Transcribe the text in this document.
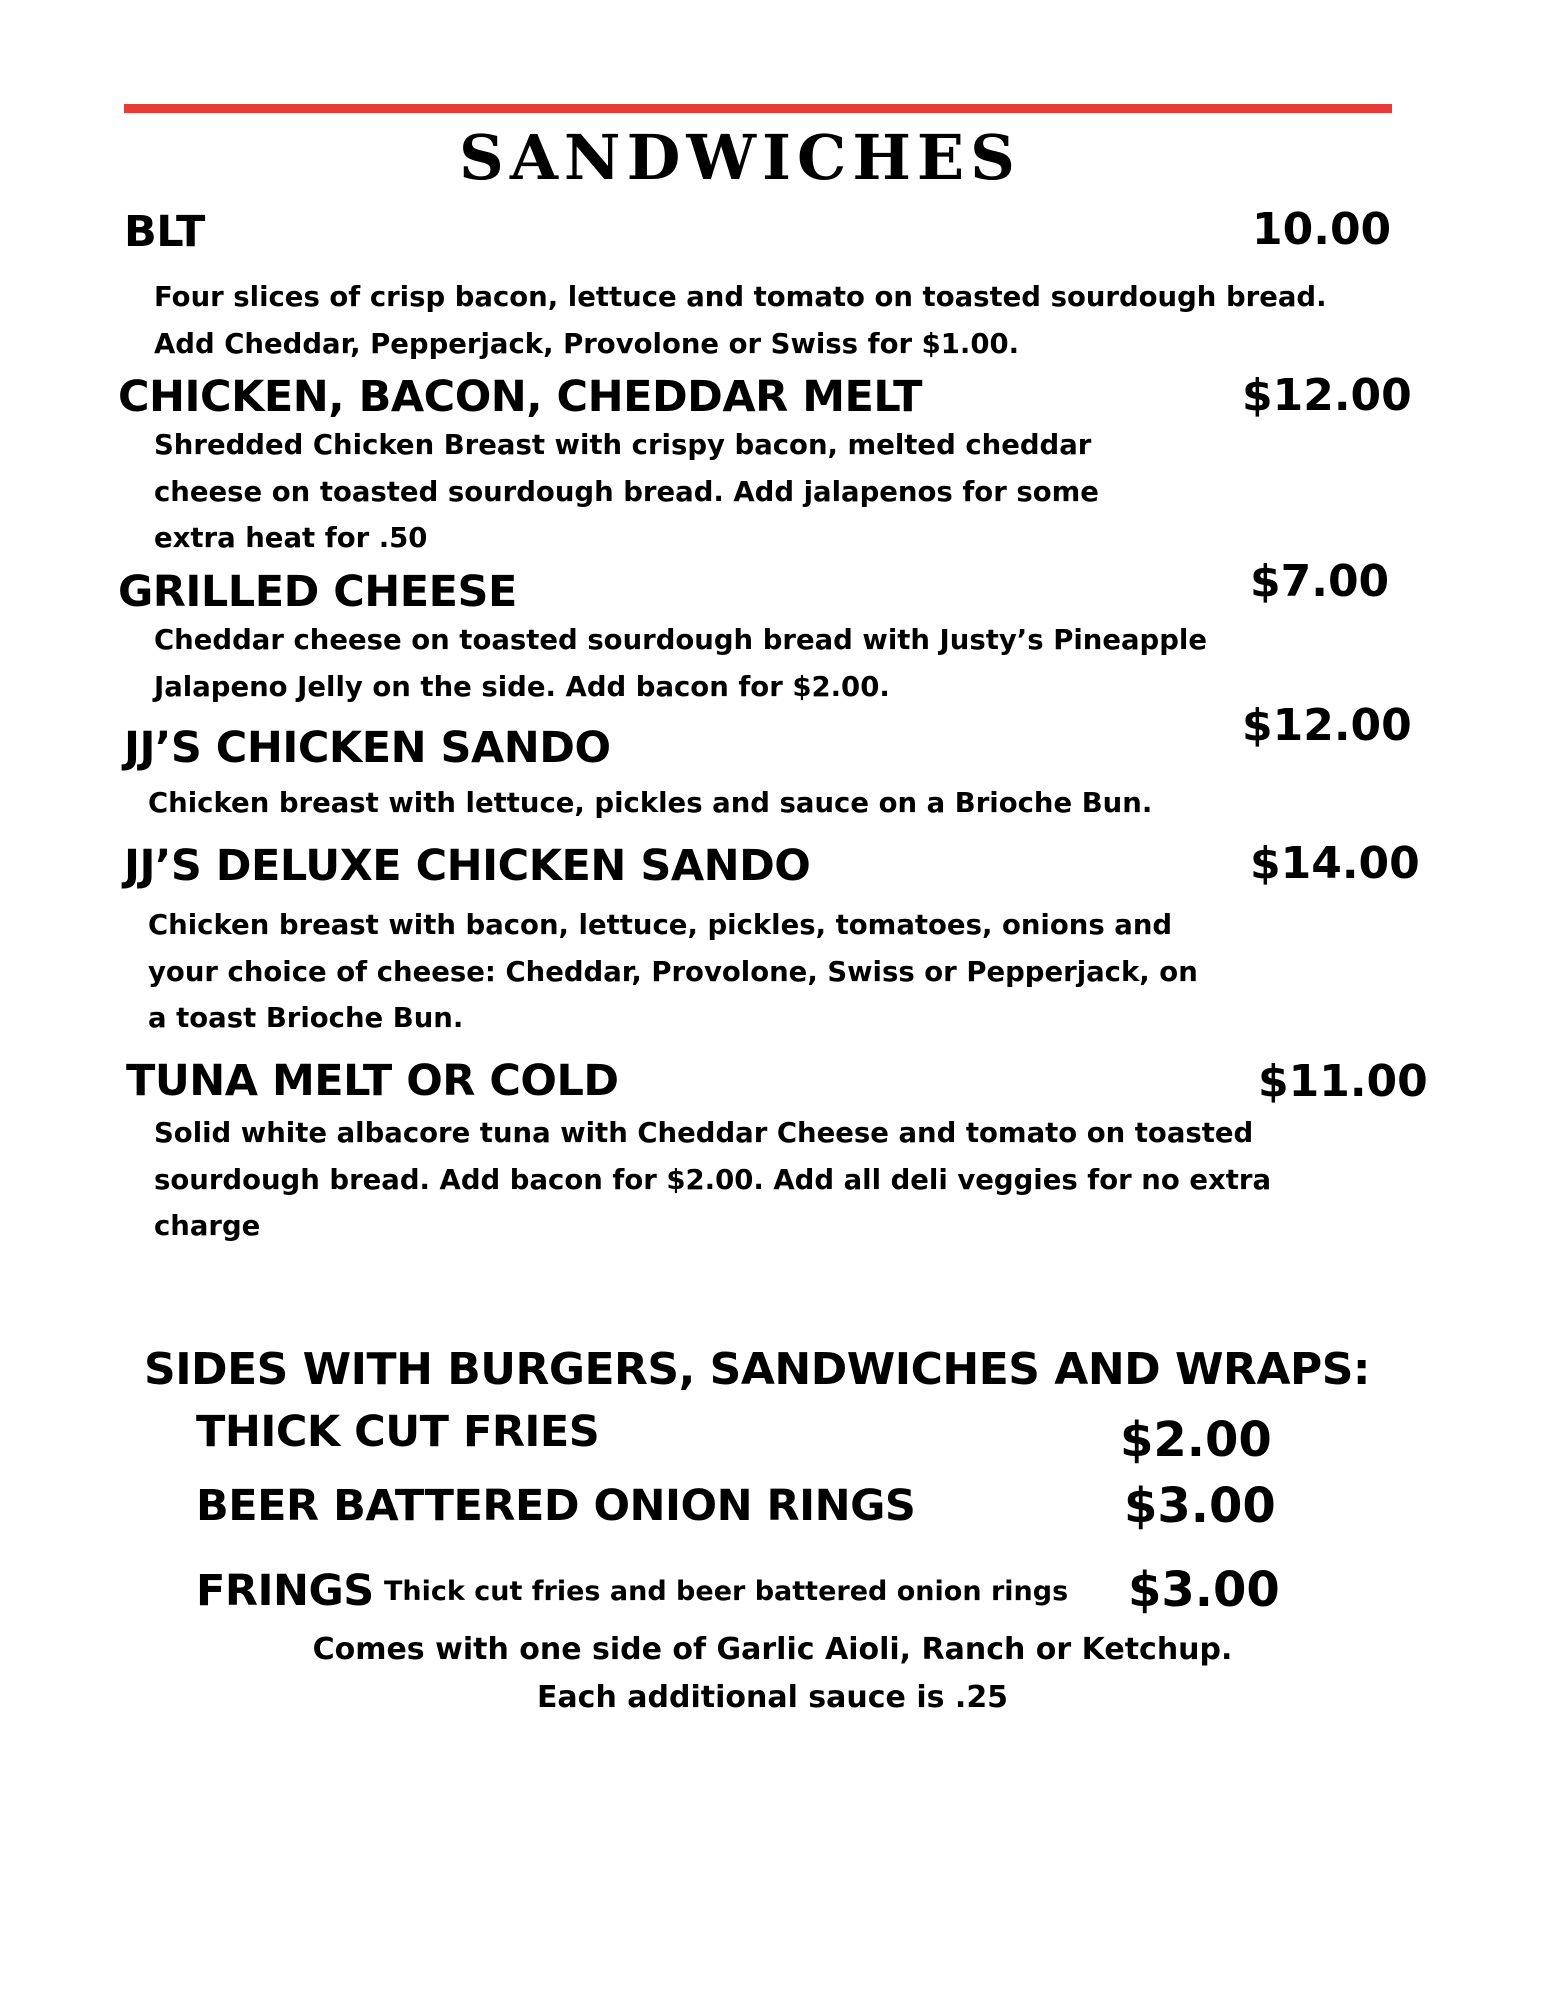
SANDWICHES
BLT	10.00
Four slices of crisp bacon, lettuce and tomato on toasted sourdough bread.
Add Cheddar, Pepperjack, Provolone or Swiss for $1.00.
CHICKEN, BACON, CHEDDAR MELT	$12.00
Shredded Chicken Breast with crispy bacon, melted cheddar
cheese on toasted sourdough bread. Add jalapenos for some
extra heat for .50
GRILLED CHEESE	$7.00
Cheddar cheese on toasted sourdough bread with Justy’s Pineapple
Jalapeno Jelly on the side. Add bacon for $2.00.
JJ’S CHICKEN SANDO	$12.00
Chicken breast with lettuce, pickles and sauce on a Brioche Bun.
JJ’S DELUXE CHICKEN SANDO	$14.00
Chicken breast with bacon, lettuce, pickles, tomatoes, onions and
your choice of cheese: Cheddar, Provolone, Swiss or Pepperjack, on
a toast Brioche Bun.
TUNA MELT OR COLD	$11.00
Solid white albacore tuna with Cheddar Cheese and tomato on toasted
sourdough bread. Add bacon for $2.00. Add all deli veggies for no extra
charge
SIDES WITH BURGERS, SANDWICHES AND WRAPS:
THICK CUT FRIES	$2.00
BEER BATTERED ONION RINGS	$3.00
FRINGS Thick cut fries and beer battered onion rings $3.00
Comes with one side of Garlic Aioli, Ranch or Ketchup.
Each additional sauce is .25
